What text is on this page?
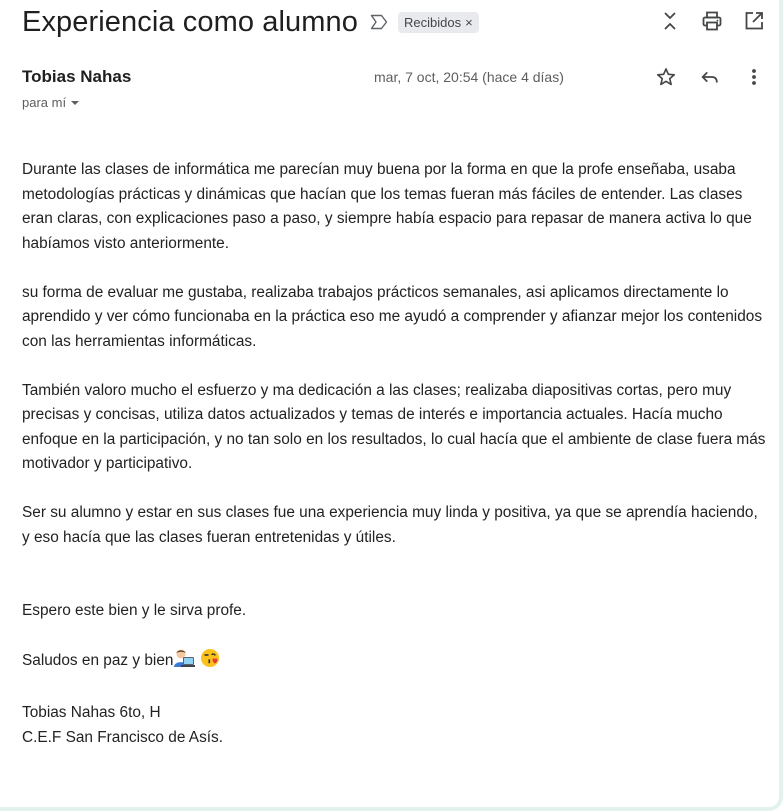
Experiencia como alumno	Recibidos ×
Tobias Nahas
para mí
mar, 7 oct, 20:54 (hace 4 días)

Durante las clases de informática me parecían muy buena por la forma en que la profe enseñaba, usaba metodologías prácticas y dinámicas que hacían que los temas fueran más fáciles de entender. Las clases eran claras, con explicaciones paso a paso, y siempre había espacio para repasar de manera activa lo que habíamos visto anteriormente.

su forma de evaluar me gustaba, realizaba trabajos prácticos semanales, asi aplicamos directamente lo aprendido y ver cómo funcionaba en la práctica eso me ayudó a comprender y afianzar mejor los contenidos con las herramientas informáticas.

También valoro mucho el esfuerzo y ma dedicación a las clases; realizaba diapositivas cortas, pero muy precisas y concisas, utiliza datos actualizados y temas de interés e importancia actuales. Hacía mucho enfoque en la participación, y no tan solo en los resultados, lo cual hacía que el ambiente de clase fuera más motivador y participativo.

Ser su alumno y estar en sus clases fue una experiencia muy linda y positiva, ya que se aprendía haciendo, y eso hacía que las clases fueran entretenidas y útiles.

Espero este bien y le sirva profe.

Saludos en paz y bien

Tobias Nahas 6to, H

C.E.F San Francisco de Asís.
